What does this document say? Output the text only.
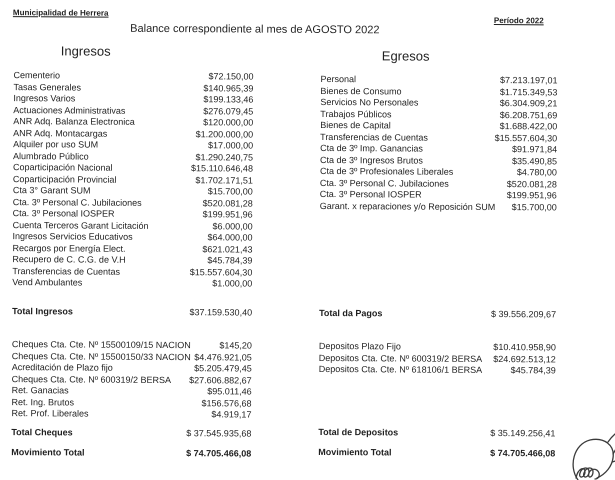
Municipalidad de Herrera
Balance correspondiente al mes de AGOSTO 2022
Período 2022
Ingresos	Egresos
Cementerio	$72.150,00
Tasas Generales	$140.965,39
Ingresos Varios	$199.133,46
Actuaciones Administrativas	$276.079,45
ANR Adq. Balanza Electronica	$120.000,00
ANR Adq. Montacargas	$1.200.000,00
Alquiler por uso SUM	$17.000,00
Alumbrado Público	$1.290.240,75
Coparticipación Nacional	$15.110.646,48
Coparticipación Provincial	$1.702.171,51
Cta 3° Garant SUM	$15.700,00
Cta. 3º Personal C. Jubilaciones	$520.081,28
Cta. 3º Personal IOSPER	$199.951,96
Cuenta Terceros Garant Licitación	$6.000,00
Ingresos Servicios Educativos	$64.000,00
Recargos por Energía Elect.	$621.021,43
Recupero de C. C.G. de V.H	$45.784,39
Transferencias de Cuentas	$15.557.604,30
Vend Ambulantes	$1.000,00
Total Ingresos	$37.159.530,40
Cheques Cta. Cte. Nº 15500109/15 NACION	$145,20
Cheques Cta. Cte. Nº 15500150/33 NACION $4.476.921,05
Acreditación de Plazo fijo	$5.205.479,45
Cheques Cta. Cte. Nº 600319/2 BERSA $27.606.882,67
Ret. Ganacias	$95.011,46
Ret. Ing. Brutos	$156.576,68
Ret. Prof. Liberales	$4.919,17
Total Cheques	$ 37.545.935,68
Movimiento Total	$ 74.705.466,08
Personal	$7.213.197,01
Bienes de Consumo	$1.715.349,53
Servicios No Personales	$6.304.909,21
Trabajos Públicos	$6.208.751,69
Bienes de Capital	$1.688.422,00
Transferencias de Cuentas	$15.557.604,30
Cta de 3º Imp. Ganancias	$91.971,84
Cta de 3º Ingresos Brutos	$35.490,85
Cta de 3º Profesionales Liberales	$4.780,00
Cta. 3º Personal C. Jubilaciones	$520.081,28
Cta. 3º Personal IOSPER	$199.951,96
Garant. x reparaciones y/o Reposición SUM $15.700,00
Total da Pagos	$ 39.556.209,67
Depositos Plazo Fijo	$10.410.958,90
Depositos Cta. Cte. Nº 600319/2 BERSA $24.692.513,12
Depositos Cta. Cte. Nº 618106/1 BERSA	$45.784,39
Total de Depositos	$ 35.149.256,41
Movimiento Total	$ 74.705.466,08
